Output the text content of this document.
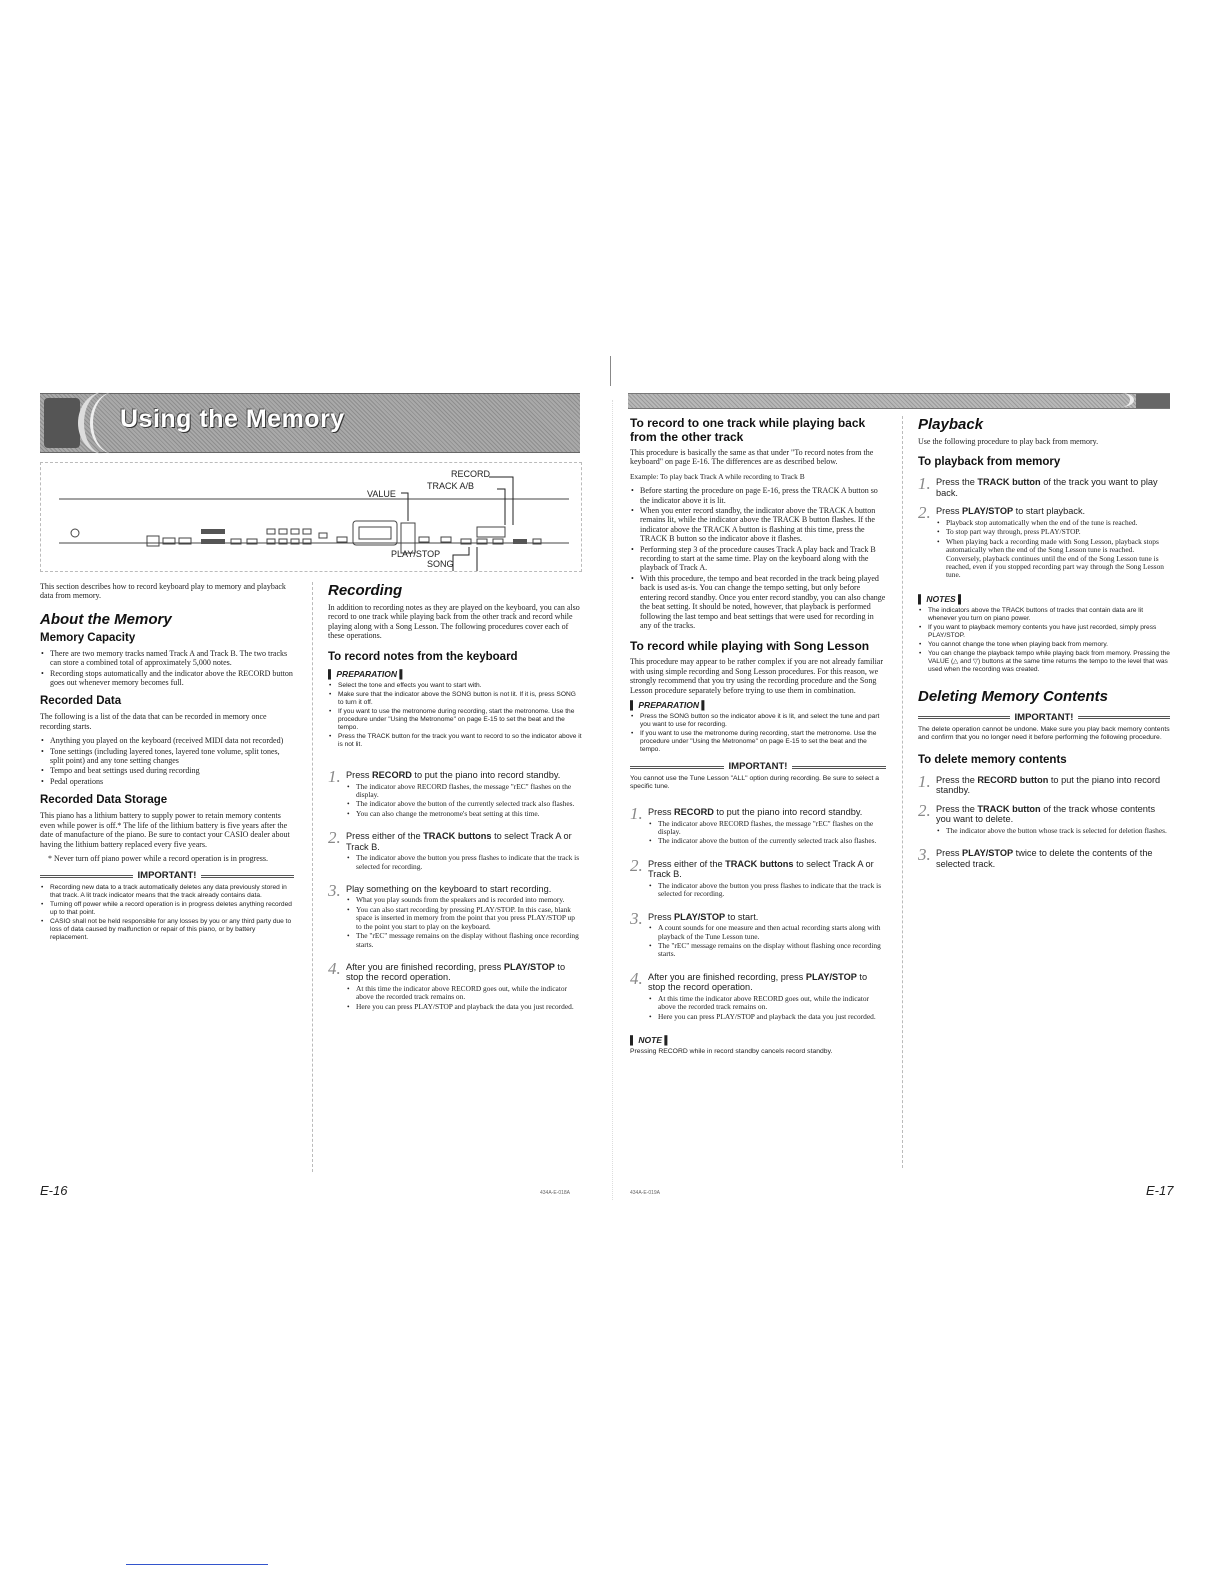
Using the Memory
RECORD
TRACK A/B
VALUE
PLAY/STOP
SONG

This section describes how to record keyboard play to memory and playback data from memory.

About the Memory
Memory Capacity
• There are two memory tracks named Track A and Track B. The two tracks can store a combined total of approximately 5,000 notes.
• Recording stops automatically and the indicator above the RECORD button goes out whenever memory becomes full.
Recorded Data

The following is a list of the data that can be recorded in memory once recording starts.

• Anything you played on the keyboard (received MIDI data not recorded)
• Tone settings (including layered tones, layered tone volume, split tones, split point) and any tone setting changes
• Tempo and beat settings used during recording
• Pedal operations
Recorded Data Storage

This piano has a lithium battery to supply power to retain memory contents even while power is off.* The life of the lithium battery is five years after the date of manufacture of the piano. Be sure to contact your CASIO dealer about having the lithium battery replaced every five years.

* Never turn off piano power while a record operation is in progress.

IMPORTANT!
• Recording new data to a track automatically deletes any data previously stored in that track. A lit track indicator means that the track already contains data.
• Turning off power while a record operation is in progress deletes anything recorded up to that point.
• CASIO shall not be held responsible for any losses by you or any third party due to loss of data caused by malfunction or repair of this piano, or by battery replacement.
Recording

In addition to recording notes as they are played on the keyboard, you can also record to one track while playing back from the other track and record while playing along with a Song Lesson. The following procedures cover each of these operations.

To record notes from the keyboard
▌ PREPARATION ▌
• Select the tone and effects you want to start with.
• Make sure that the indicator above the SONG button is not lit. If it is, press SONG to turn it off.
• If you want to use the metronome during recording, start the metronome. Use the procedure under "Using the Metronome" on page E-15 to set the beat and the tempo.
• Press the TRACK button for the track you want to record to so the indicator above it is not lit.
1. Press RECORD to put the piano into record standby.
• The indicator above RECORD flashes, the message "rEC" flashes on the display.
• The indicator above the button of the currently selected track also flashes.
• You can also change the metronome's beat setting at this time.
2. Press either of the TRACK buttons to select Track A or Track B.
• The indicator above the button you press flashes to indicate that the track is selected for recording.
3. Play something on the keyboard to start recording.
• What you play sounds from the speakers and is recorded into memory.
• You can also start recording by pressing PLAY/STOP. In this case, blank space is inserted in memory from the point that you press PLAY/STOP up to the point you start to play on the keyboard.
• The "rEC" message remains on the display without flashing once recording starts.
4. After you are finished recording, press PLAY/STOP to stop the record operation.
• At this time the indicator above RECORD goes out, while the indicator above the recorded track remains on.
• Here you can press PLAY/STOP and playback the data you just recorded.
E-16	434A-E-018A
To record to one track while playing back from the other track

This procedure is basically the same as that under "To record notes from the keyboard" on page E-16. The differences are as described below.

Example: To play back Track A while recording to Track B

• Before starting the procedure on page E-16, press the TRACK A button so the indicator above it is lit.
• When you enter record standby, the indicator above the TRACK A button remains lit, while the indicator above the TRACK B button flashes. If the indicator above the TRACK A button is flashing at this time, press the TRACK B button so the indicator above it flashes.
• Performing step 3 of the procedure causes Track A play back and Track B recording to start at the same time. Play on the keyboard along with the playback of Track A.
• With this procedure, the tempo and beat recorded in the track being played back is used as-is. You can change the tempo setting, but only before entering record standby. Once you enter record standby, you can also change the beat setting. It should be noted, however, that playback is performed following the last tempo and beat settings that were used for recording in any of the tracks.
To record while playing with Song Lesson

This procedure may appear to be rather complex if you are not already familiar with using simple recording and Song Lesson procedures. For this reason, we strongly recommend that you try using the recording procedure and the Song Lesson procedure separately before trying to use them in combination.

▌ PREPARATION ▌
• Press the SONG button so the indicator above it is lit, and select the tune and part you want to use for recording.
• If you want to use the metronome during recording, start the metronome. Use the procedure under "Using the Metronome" on page E-15 to set the beat and the tempo.
IMPORTANT!
You cannot use the Tune Lesson "ALL" option during recording. Be sure to select a specific tune.
1. Press RECORD to put the piano into record standby.
• The indicator above RECORD flashes, the message "rEC" flashes on the display.
• The indicator above the button of the currently selected track also flashes.
2. Press either of the TRACK buttons to select Track A or Track B.
• The indicator above the button you press flashes to indicate that the track is selected for recording.
3. Press PLAY/STOP to start.
• A count sounds for one measure and then actual recording starts along with playback of the Tune Lesson tune.
• The "rEC" message remains on the display without flashing once recording starts.
4. After you are finished recording, press PLAY/STOP to stop the record operation.
• At this time the indicator above RECORD goes out, while the indicator above the recorded track remains on.
• Here you can press PLAY/STOP and playback the data you just recorded.
▌ NOTE ▌
Pressing RECORD while in record standby cancels record standby.
Playback

Use the following procedure to play back from memory.

To playback from memory
1. Press the TRACK button of the track you want to play back.
2. Press PLAY/STOP to start playback.
• Playback stop automatically when the end of the tune is reached.
• To stop part way through, press PLAY/STOP.
• When playing back a recording made with Song Lesson, playback stops automatically when the end of the Song Lesson tune is reached. Conversely, playback continues until the end of the Song Lesson tune is reached, even if you stopped recording part way through the Song Lesson tune.
▌ NOTES ▌
• The indicators above the TRACK buttons of tracks that contain data are lit whenever you turn on piano power.
• If you want to playback memory contents you have just recorded, simply press PLAY/STOP.
• You cannot change the tone when playing back from memory.
• You can change the playback tempo while playing back from memory. Pressing the VALUE (△ and ▽) buttons at the same time returns the tempo to the level that was used when the recording was created.
Deleting Memory Contents
IMPORTANT!
The delete operation cannot be undone. Make sure you play back memory contents and confirm that you no longer need it before performing the following procedure.
To delete memory contents
1. Press the RECORD button to put the piano into record standby.
2. Press the TRACK button of the track whose contents you want to delete.
• The indicator above the button whose track is selected for deletion flashes.
3. Press PLAY/STOP twice to delete the contents of the selected track.
434A-E-019A	E-17
